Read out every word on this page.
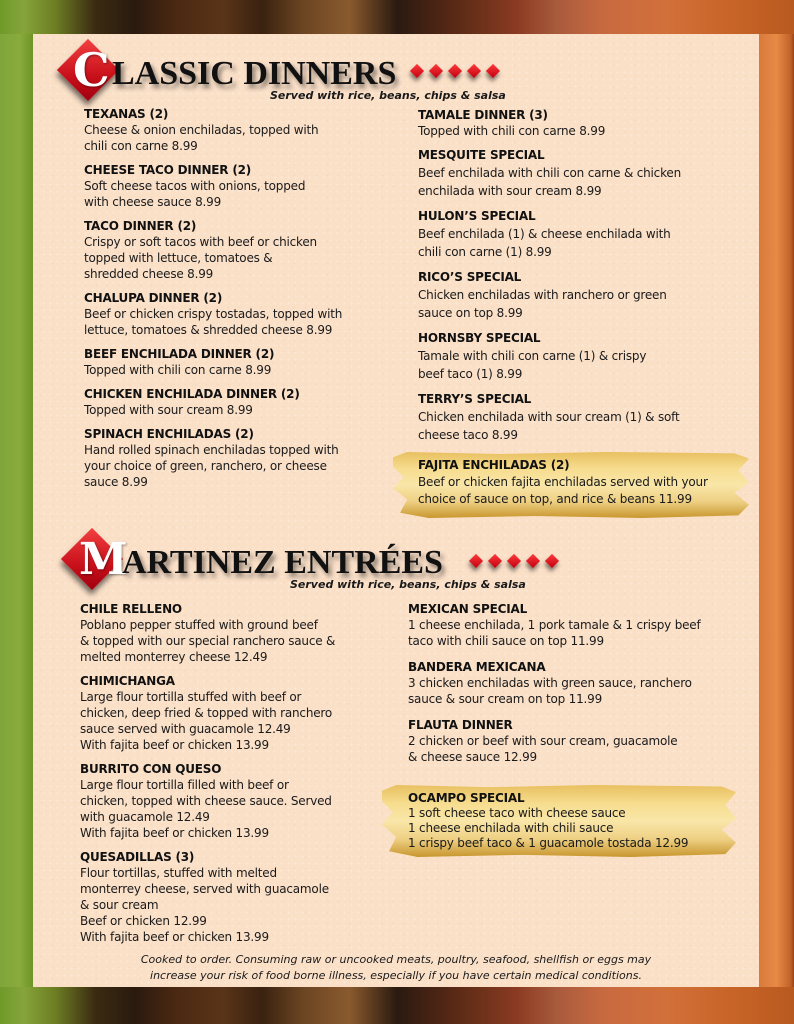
C LASSIC DINNERS
Served with rice, beans, chips & salsa
TEXANAS (2)
Cheese & onion enchiladas, topped with
chili con carne 8.99
CHEESE TACO DINNER (2)
Soft cheese tacos with onions, topped
with cheese sauce 8.99
TACO DINNER (2)
Crispy or soft tacos with beef or chicken
topped with lettuce, tomatoes &
shredded cheese 8.99
CHALUPA DINNER (2)
Beef or chicken crispy tostadas, topped with
lettuce, tomatoes & shredded cheese 8.99
BEEF ENCHILADA DINNER (2)
Topped with chili con carne 8.99
CHICKEN ENCHILADA DINNER (2)
Topped with sour cream 8.99
SPINACH ENCHILADAS (2)
Hand rolled spinach enchiladas topped with
your choice of green, ranchero, or cheese
sauce 8.99
TAMALE DINNER (3)
Topped with chili con carne 8.99
MESQUITE SPECIAL
Beef enchilada with chili con carne & chicken
enchilada with sour cream 8.99
HULON’S SPECIAL
Beef enchilada (1) & cheese enchilada with
chili con carne (1) 8.99
RICO’S SPECIAL
Chicken enchiladas with ranchero or green
sauce on top 8.99
HORNSBY SPECIAL
Tamale with chili con carne (1) & crispy
beef taco (1) 8.99
TERRY’S SPECIAL
Chicken enchilada with sour cream (1) & soft
cheese taco 8.99
FAJITA ENCHILADAS (2)
Beef or chicken fajita enchiladas served with your
choice of sauce on top, and rice & beans 11.99
M
ARTINEZ ENTRÉES
Served with rice, beans, chips & salsa
CHILE RELLENO
Poblano pepper stuffed with ground beef
& topped with our special ranchero sauce &
melted monterrey cheese 12.49
CHIMICHANGA
Large flour tortilla stuffed with beef or
chicken, deep fried & topped with ranchero
sauce served with guacamole 12.49
With fajita beef or chicken 13.99
BURRITO CON QUESO
Large flour tortilla filled with beef or
chicken, topped with cheese sauce. Served
with guacamole 12.49
With fajita beef or chicken 13.99
QUESADILLAS (3)
Flour tortillas, stuffed with melted
monterrey cheese, served with guacamole
& sour cream
Beef or chicken 12.99
With fajita beef or chicken 13.99
MEXICAN SPECIAL
1 cheese enchilada, 1 pork tamale & 1 crispy beef
taco with chili sauce on top 11.99
BANDERA MEXICANA
3 chicken enchiladas with green sauce, ranchero
sauce & sour cream on top 11.99
FLAUTA DINNER
2 chicken or beef with sour cream, guacamole
& cheese sauce 12.99
OCAMPO SPECIAL
1 soft cheese taco with cheese sauce
1 cheese enchilada with chili sauce
1 crispy beef taco & 1 guacamole tostada 12.99
Cooked to order. Consuming raw or uncooked meats, poultry, seafood, shellfish or eggs may
increase your risk of food borne illness, especially if you have certain medical conditions.
